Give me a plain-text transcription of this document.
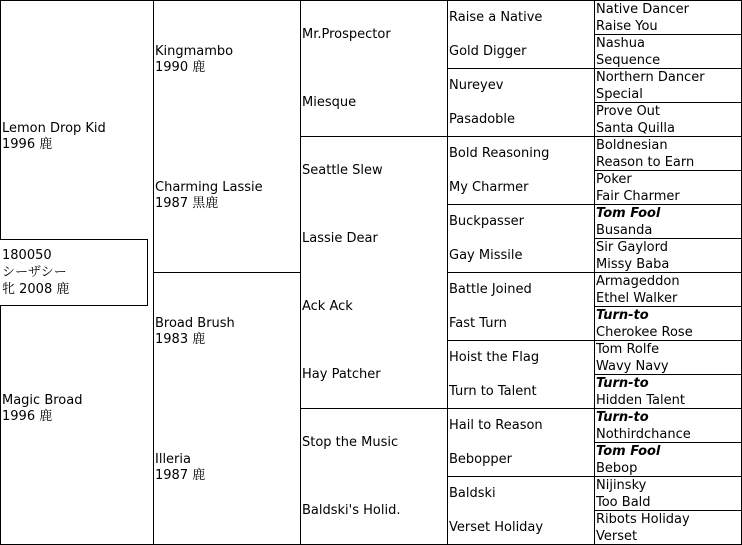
180050
シーザシー
牝 2008 鹿
Lemon Drop Kid
1996 鹿
Magic Broad
1996 鹿
Kingmambo
1990 鹿
Charming Lassie
1987 黒鹿
Broad Brush
1983 鹿
Illeria
1987 鹿
Mr.Prospector
Miesque
Seattle Slew
Lassie Dear
Ack Ack
Hay Patcher
Stop the Music
Baldski's Holid.
Raise a Native
Gold Digger
Nureyev
Pasadoble
Bold Reasoning
My Charmer
Buckpasser
Gay Missile
Battle Joined
Fast Turn
Hoist the Flag
Turn to Talent
Hail to Reason
Bebopper
Baldski
Verset Holiday
Native Dancer
Raise You
Nashua
Sequence
Northern Dancer
Special
Prove Out
Santa Quilla
Boldnesian
Reason to Earn
Poker
Fair Charmer
Tom Fool
Busanda
Sir Gaylord
Missy Baba
Armageddon
Ethel Walker
Turn-to
Cherokee Rose
Tom Rolfe
Wavy Navy
Turn-to
Hidden Talent
Turn-to
Nothirdchance
Tom Fool
Bebop
Nijinsky
Too Bald
Ribots Holiday
Verset
